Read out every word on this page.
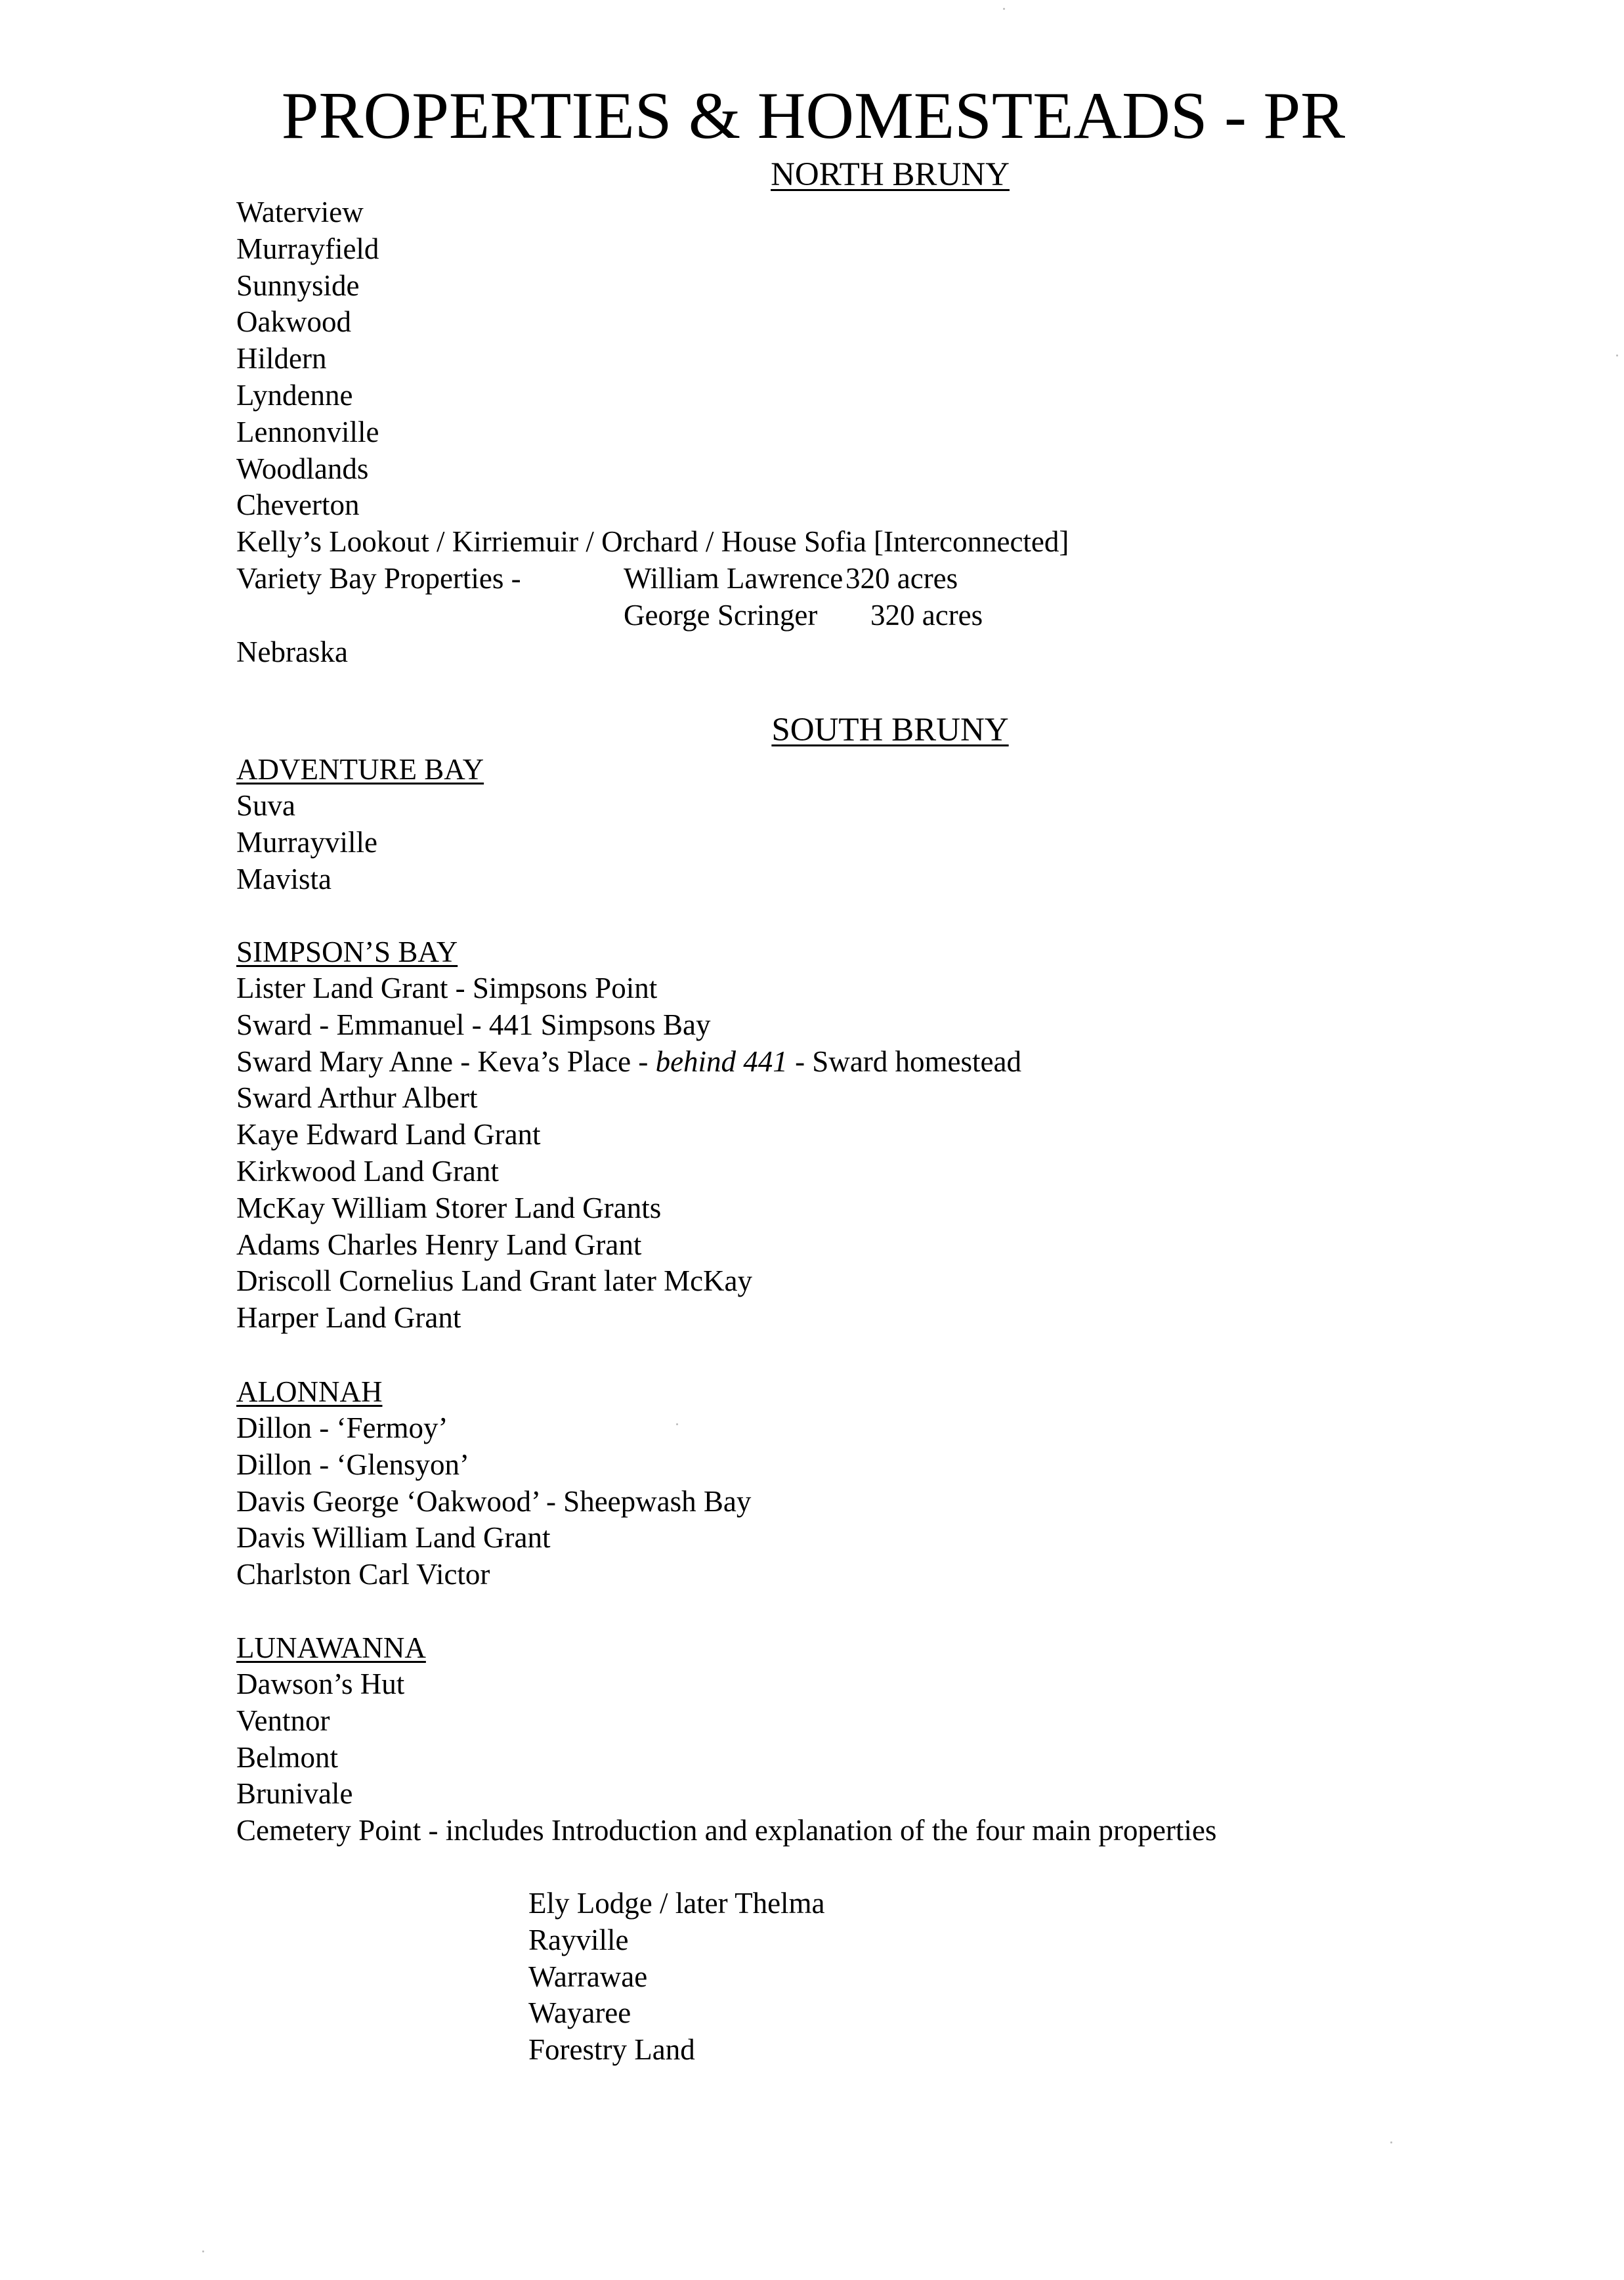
PROPERTIES & HOMESTEADS - PR
NORTH BRUNY
Waterview
Murrayfield
Sunnyside
Oakwood
Hildern
Lyndenne
Lennonville
Woodlands
Cheverton
Kelly’s Lookout / Kirriemuir / Orchard / House Sofia [Interconnected]
Variety Bay Properties -	William Lawrence 320 acres
George Scringer 320 acres
Nebraska
SOUTH BRUNY
ADVENTURE BAY
Suva
Murrayville
Mavista
SIMPSON’S BAY
Lister Land Grant - Simpsons Point
Sward - Emmanuel - 441 Simpsons Bay
Sward Mary Anne - Keva’s Place - behind 441 - Sward homestead
Sward Arthur Albert
Kaye Edward Land Grant
Kirkwood Land Grant
McKay William Storer Land Grants
Adams Charles Henry Land Grant
Driscoll Cornelius Land Grant later McKay
Harper Land Grant
ALONNAH
Dillon - ‘Fermoy’
Dillon - ‘Glensyon’
Davis George ‘Oakwood’ - Sheepwash Bay
Davis William Land Grant
Charlston Carl Victor
LUNAWANNA
Dawson’s Hut
Ventnor
Belmont
Brunivale
Cemetery Point - includes Introduction and explanation of the four main properties
Ely Lodge / later Thelma
Rayville
Warrawae
Wayaree
Forestry Land
